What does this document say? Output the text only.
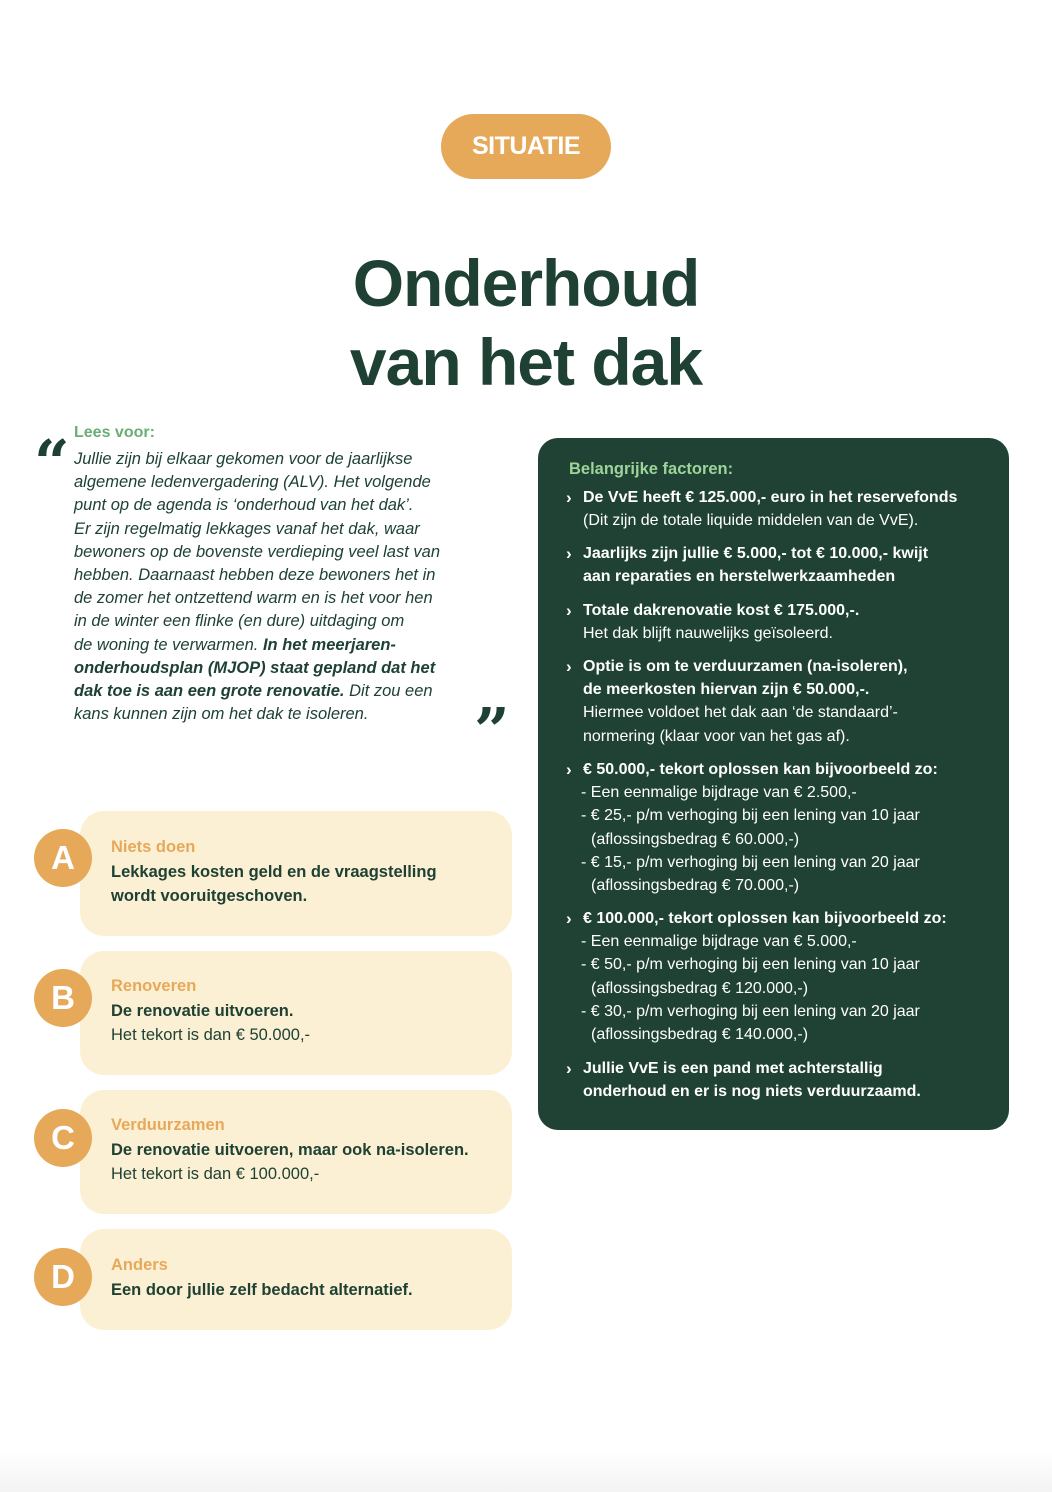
SITUATIE
Onderhoud
van het dak
“ Lees voor:
Jullie zijn bij elkaar gekomen voor de jaarlijkse
algemene ledenvergadering (ALV). Het volgende
punt op de agenda is ‘onderhoud van het dak’.
Er zijn regelmatig lekkages vanaf het dak, waar
bewoners op de bovenste verdieping veel last van
hebben. Daarnaast hebben deze bewoners het in
de zomer het ontzettend warm en is het voor hen
in de winter een flinke (en dure) uitdaging om
de woning te verwarmen. In het meerjaren-
onderhoudsplan (MJOP) staat gepland dat het
dak toe is aan een grote renovatie. Dit zou een
kans kunnen zijn om het dak te isoleren.	”
A	Niets doen
Lekkages kosten geld en de vraagstelling
wordt vooruitgeschoven.
B	Renoveren
De renovatie uitvoeren.
Het tekort is dan € 50.000,-
C	Verduurzamen
De renovatie uitvoeren, maar ook na-isoleren.
Het tekort is dan € 100.000,-
D	Anders
Een door jullie zelf bedacht alternatief.
Belangrijke factoren:
› De VvE heeft € 125.000,- euro in het reservefonds
(Dit zijn de totale liquide middelen van de VvE).
› Jaarlijks zijn jullie € 5.000,- tot € 10.000,- kwijt
aan reparaties en herstelwerkzaamheden
› Totale dakrenovatie kost € 175.000,-.
Het dak blijft nauwelijks geïsoleerd.
› Optie is om te verduurzamen (na-isoleren),
de meerkosten hiervan zijn € 50.000,-.
Hiermee voldoet het dak aan ‘de standaard’-
normering (klaar voor van het gas af).
› € 50.000,- tekort oplossen kan bijvoorbeeld zo:
- Een eenmalige bijdrage van € 2.500,-
- € 25,- p/m verhoging bij een lening van 10 jaar
(aflossingsbedrag € 60.000,-)
- € 15,- p/m verhoging bij een lening van 20 jaar
(aflossingsbedrag € 70.000,-)
› € 100.000,- tekort oplossen kan bijvoorbeeld zo:
- Een eenmalige bijdrage van € 5.000,-
- € 50,- p/m verhoging bij een lening van 10 jaar
(aflossingsbedrag € 120.000,-)
- € 30,- p/m verhoging bij een lening van 20 jaar
(aflossingsbedrag € 140.000,-)
› Jullie VvE is een pand met achterstallig
onderhoud en er is nog niets verduurzaamd.
